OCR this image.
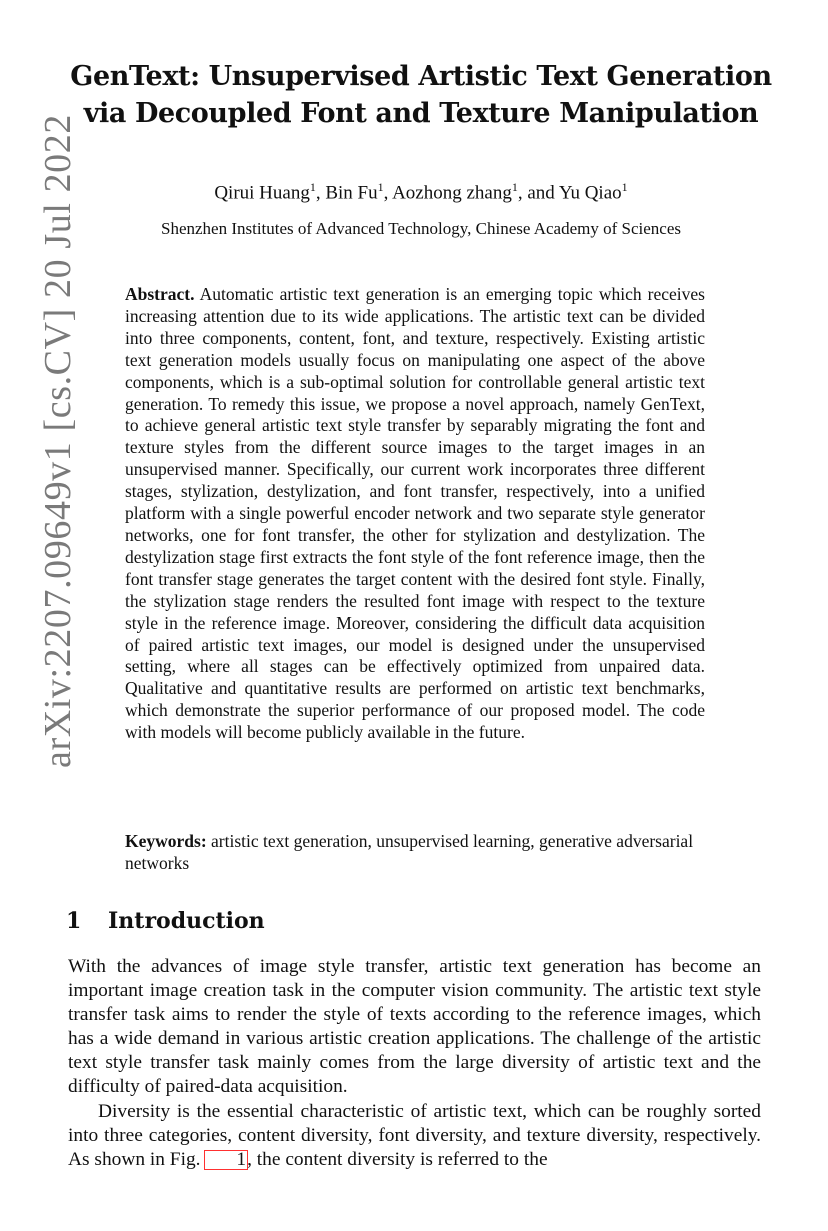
arXiv:2207.09649v1 [cs.CV] 20 Jul 2022
GenText: Unsupervised Artistic Text Generation
via Decoupled Font and Texture Manipulation
Qirui Huang$^1$, Bin Fu$^1$, Aozhong zhang$^1$, and Yu Qiao$^1$
Shenzhen Institutes of Advanced Technology, Chinese Academy of Sciences
Abstract. Automatic artistic text generation is an emerging topic which receives increasing attention due to its wide applications. The artistic text can be divided into three components, content, font, and texture, respectively. Existing artistic text generation models usually focus on manipulating one aspect of the above components, which is a sub-optimal solution for controllable general artistic text generation. To remedy this issue, we propose a novel approach, namely GenText, to achieve general artistic text style transfer by separably migrating the font and texture styles from the different source images to the target images in an unsupervised manner. Specifically, our current work incorporates three different stages, stylization, destylization, and font transfer, respectively, into a unified platform with a single powerful encoder network and two separate style generator networks, one for font transfer, the other for stylization and destylization. The destylization stage first extracts the font style of the font reference image, then the font transfer stage generates the target content with the desired font style. Finally, the stylization stage renders the resulted font image with respect to the texture style in the reference image. Moreover, considering the difficult data acquisition of paired artistic text images, our model is designed under the unsupervised setting, where all stages can be effectively optimized from unpaired data. Qualitative and quantitative results are performed on artistic text benchmarks, which demonstrate the superior performance of our proposed model. The code with models will become publicly available in the future.
Keywords: artistic text generation, unsupervised learning, generative adversarial networks
1 Introduction

With the advances of image style transfer, artistic text generation has become an important image creation task in the computer vision community. The artistic text style transfer task aims to render the style of texts according to the reference images, which has a wide demand in various artistic creation applications. The challenge of the artistic text style transfer task mainly comes from the large diversity of artistic text and the difficulty of paired-data acquisition.

Diversity is the essential characteristic of artistic text, which can be roughly sorted into three categories, content diversity, font diversity, and texture diversity, respectively. As shown in Fig. 1, the content diversity is referred to the
